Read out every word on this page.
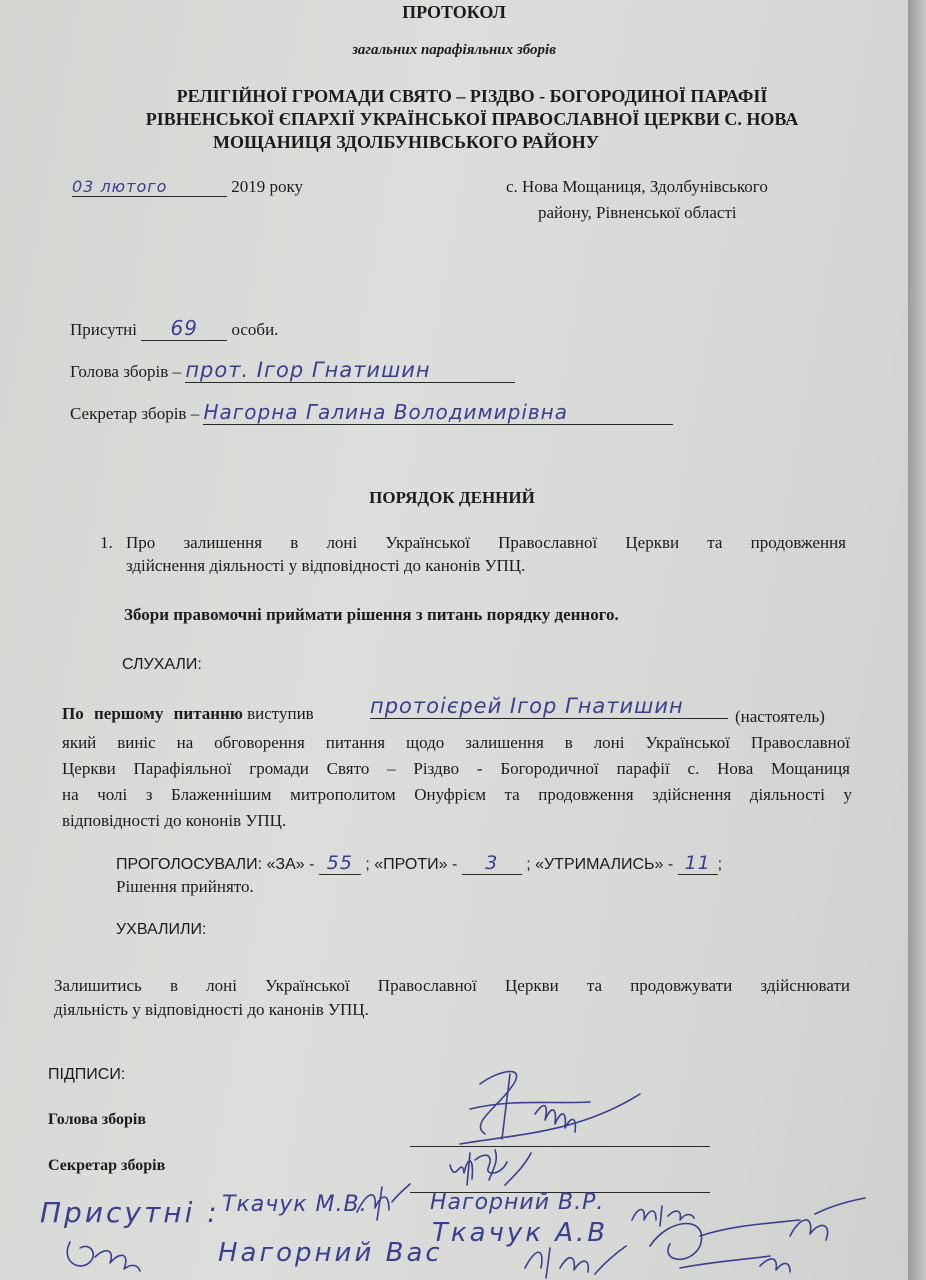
ПРОТОКОЛ
загальних парафіяльних зборів
РЕЛІГІЙНОЇ ГРОМАДИ СВЯТО – РІЗДВО - БОГОРОДИНОЇ ПАРАФІЇ
РІВНЕНСЬКОЇ ЄПАРХІЇ УКРАЇНСЬКОЇ ПРАВОСЛАВНОЇ ЦЕРКВИ С. НОВА
МОЩАНИЦЯ ЗДОЛБУНІВСЬКОГО РАЙОНУ
03 лютого	2019 року	с. Нова Мощаниця, Здолбунівського
району, Рівненської області
Присутні 69 особи.
Голова зборів – прот. Ігор Гнатишин
Секретар зборів – Нагорна Галина Володимирівна
ПОРЯДОК ДЕННИЙ
1. Про залишення в лоні Української Православної Церкви та продовження
здійснення діяльності у відповідності до канонів УПЦ.
Збори правомочні приймати рішення з питань порядку денного.
СЛУХАЛИ:
По першому питанню виступив	протоієрей Ігор Гнатишин	(настоятель)
який виніс на обговорення питання щодо залишення в лоні Української Православної
Церкви Парафіяльної громади Свято – Різдво - Богородичної парафії с. Нова Мощаниця
на чолі з Блаженнішим митрополитом Онуфрієм та продовження здійснення діяльності у
відповідності до кононів УПЦ.
ПРОГОЛОСУВАЛИ: «ЗА» - 55 ; «ПРОТИ» - 3 ; «УТРИМАЛИСЬ» - 11 ;
Рішення прийнято.
УХВАЛИЛИ:
Залишитись в лоні Української Православної Церкви та продовжувати здійснювати
діяльність у відповідності до канонів УПЦ.
ПІДПИСИ:
Голова зборів
Секретар зборів
Присутні : Ткачук М.В.	Нагорний В.Р.
Ткачук А.В
Нагорний Вас
